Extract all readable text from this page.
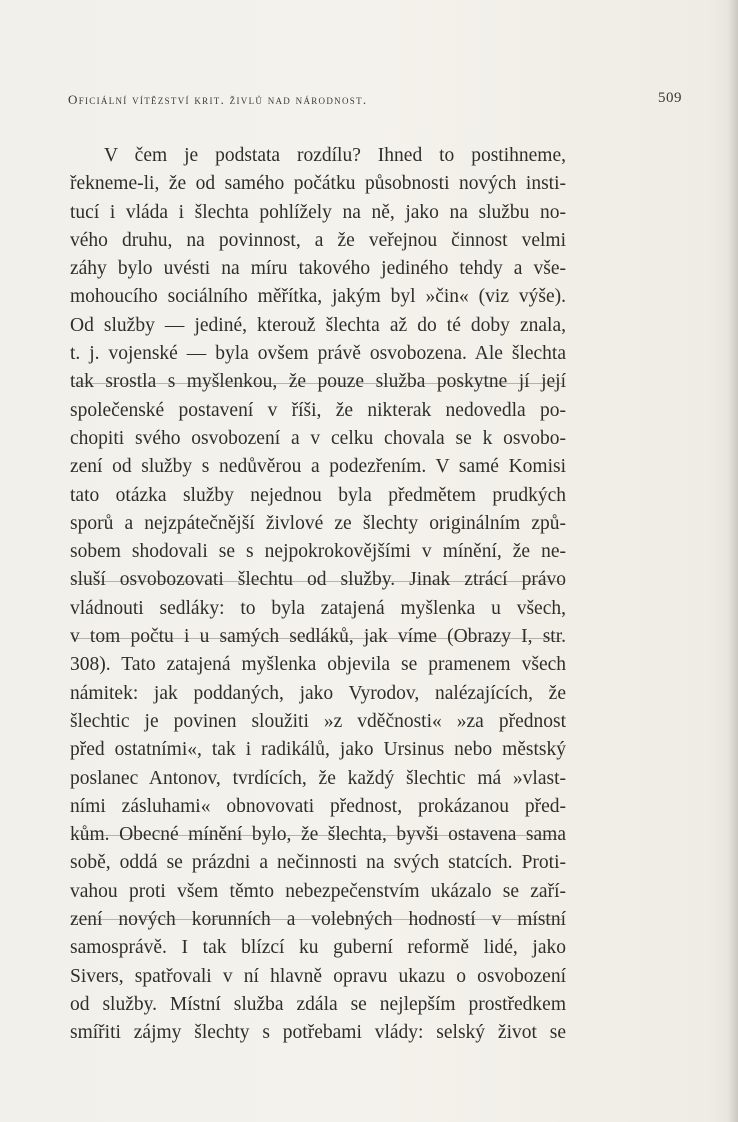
Oficiální vítězství krit. živlů nad národnost.	509
V čem je podstata rozdílu? Ihned to postihneme,
řekneme-li, že od samého počátku působnosti nových insti-
tucí i vláda i šlechta pohlížely na ně, jako na službu no-
vého druhu, na povinnost, a že veřejnou činnost velmi
záhy bylo uvésti na míru takového jediného tehdy a vše-
mohoucího sociálního měřítka, jakým byl »čin« (viz výše).
Od služby — jediné, kterouž šlechta až do té doby znala,
t. j. vojenské — byla ovšem právě osvobozena. Ale šlechta
tak srostla s myšlenkou, že pouze služba poskytne jí její
společenské postavení v říši, že nikterak nedovedla po-
chopiti svého osvobození a v celku chovala se k osvobo-
zení od služby s nedůvěrou a podezřením. V samé Komisi
tato otázka služby nejednou byla předmětem prudkých
sporů a nejzpátečnější živlové ze šlechty originálním způ-
sobem shodovali se s nejpokrokovějšími v mínění, že ne-
sluší osvobozovati šlechtu od služby. Jinak ztrácí právo
vládnouti sedláky: to byla zatajená myšlenka u všech,
v tom počtu i u samých sedláků, jak víme (Obrazy I, str.
308). Tato zatajená myšlenka objevila se pramenem všech
námitek: jak poddaných, jako Vyrodov, nalézajících, že
šlechtic je povinen sloužiti »z vděčnosti« »za přednost
před ostatními«, tak i radikálů, jako Ursinus nebo městský
poslanec Antonov, tvrdících, že každý šlechtic má »vlast-
ními zásluhami« obnovovati přednost, prokázanou před-
kům. Obecné mínění bylo, že šlechta, byvši ostavena sama
sobě, oddá se prázdni a nečinnosti na svých statcích. Proti-
vahou proti všem těmto nebezpečenstvím ukázalo se zaří-
zení nových korunních a volebných hodností v místní
samosprávě. I tak blízcí ku guberní reformě lidé, jako
Sivers, spatřovali v ní hlavně opravu ukazu o osvobození
od služby. Místní služba zdála se nejlepším prostředkem
smířiti zájmy šlechty s potřebami vlády: selský život se
